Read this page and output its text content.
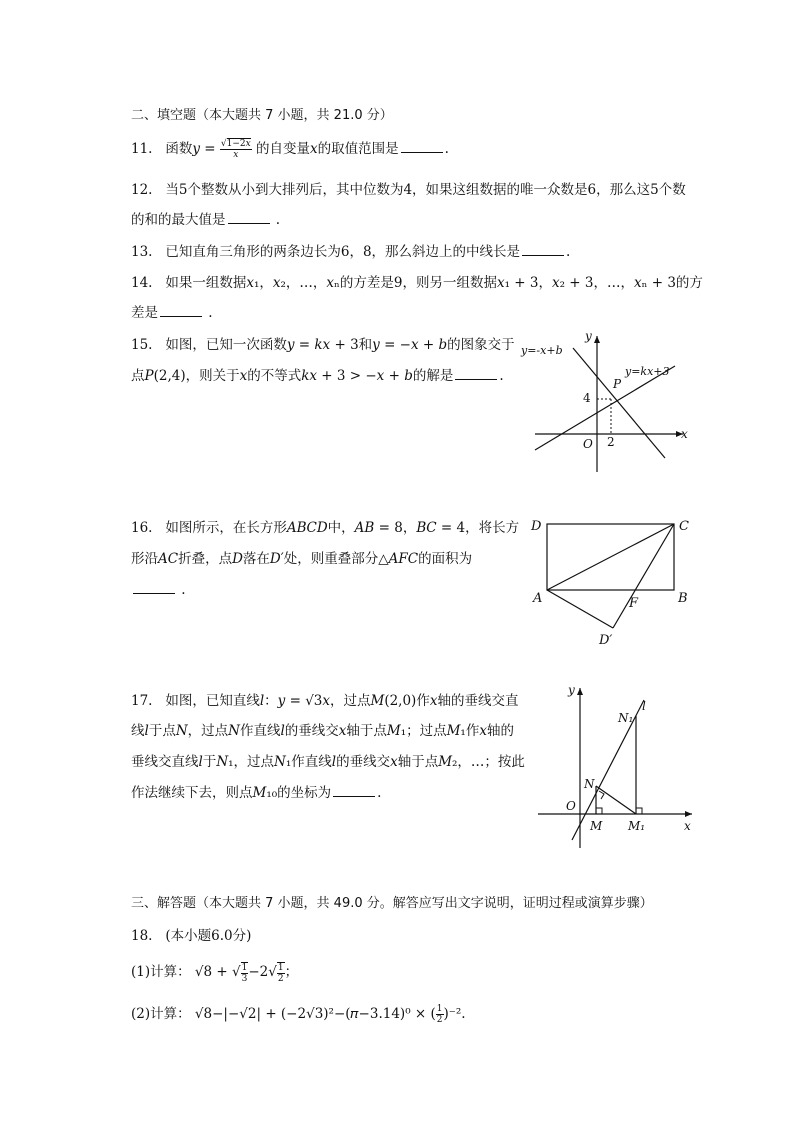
二、填空题（本大题共 7 小题，共 21.0 分）
11. 函数𝑦 = $\frac{\text{√1−2𝑥}}{\text{𝑥}}$ 的自变量𝑥的取值范围是	.
12. 当5个整数从小到大排列后，其中位数为4，如果这组数据的唯一众数是6，那么这5个数
的和的最大值是	.
13. 已知直角三角形的两条边长为6，8，那么斜边上的中线长是	.
14. 如果一组数据𝑥₁，𝑥₂，…，𝑥ₙ的方差是9，则另一组数据𝑥₁ + 3，𝑥₂ + 3，…，𝑥ₙ + 3的方
差是	.
15. 如图，已知一次函数𝑦 = 𝑘𝑥 + 3和𝑦 = −𝑥 + 𝑏的图象交于
点𝑃(2,4)，则关于𝑥的不等式𝑘𝑥 + 3 > −𝑥 + 𝑏的解是	.
y=-x+b
y=kx+3
P
4
2
O
x
y
16. 如图所示，在长方形𝐴𝐵𝐶𝐷中，𝐴𝐵 = 8，𝐵𝐶 = 4，将长方
形沿𝐴𝐶折叠，点𝐷落在𝐷′处，则重叠部分△𝐴𝐹𝐶的面积为
.
D	C
A	B
F
D′
17. 如图，已知直线𝑙：𝑦 = √3𝑥，过点𝑀(2,0)作𝑥轴的垂线交直
线𝑙于点𝑁，过点𝑁作直线𝑙的垂线交𝑥轴于点𝑀₁；过点𝑀₁作𝑥轴的
垂线交直线𝑙于𝑁₁，过点𝑁₁作直线𝑙的垂线交𝑥轴于点𝑀₂，…；按此
作法继续下去，则点𝑀₁₀的坐标为	.
y
l
N₁
N
O
M M₁	x
三、解答题（本大题共 7 小题，共 49.0 分。解答应写出文字说明，证明过程或演算步骤）
18. (本小题6.0分)
(1)计算： √8 + √ $\frac{1}{3} -2√ \frac{1}{2}$ ；
(2)计算： √8−|−√2| + (−2√3)²−(𝜋−3.14)⁰ × ( $\frac{1}{2} )^{-2}$.
